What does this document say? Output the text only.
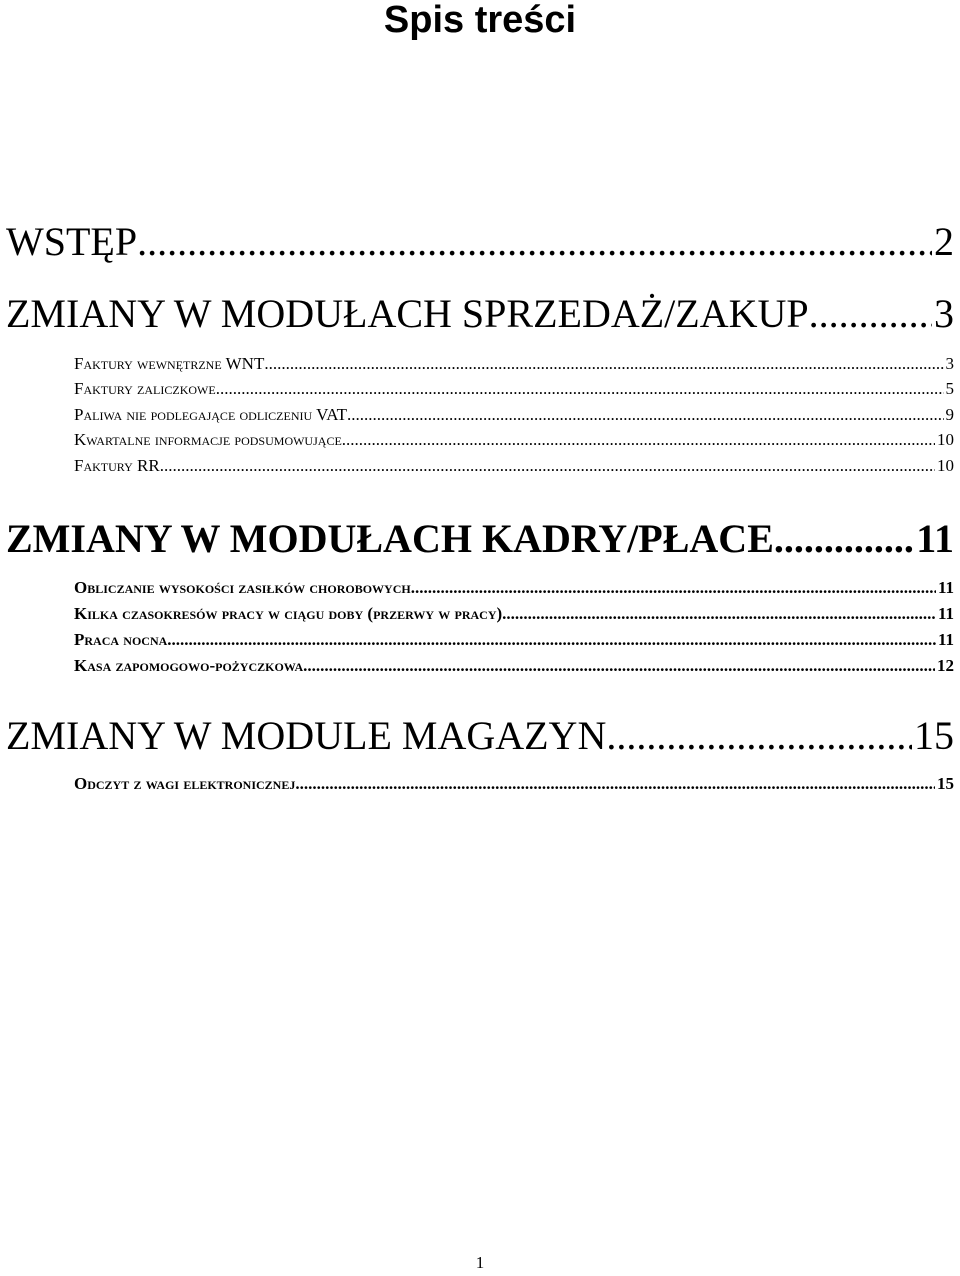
Spis treści
WSTĘP .....	2
ZMIANY W MODUŁACH SPRZEDAŻ/ZAKUP .....	3
Faktury wewnętrzne WNT .....	3
Faktury zaliczkowe .....	5
Paliwa nie podlegające odliczeniu VAT .....	9
Kwartalne informacje podsumowujące .....	10
Faktury RR .....	10
ZMIANY W MODUŁACH KADRY/PŁACE .....	11
Obliczanie wysokości zasiłków chorobowych .....	11
Kilka czasokresów pracy w ciągu doby (przerwy w pracy) .....	11
Praca nocna .....	11
Kasa zapomogowo-pożyczkowa .....	12
ZMIANY W MODULE MAGAZYN .....	15
Odczyt z wagi elektronicznej .....	15
1
